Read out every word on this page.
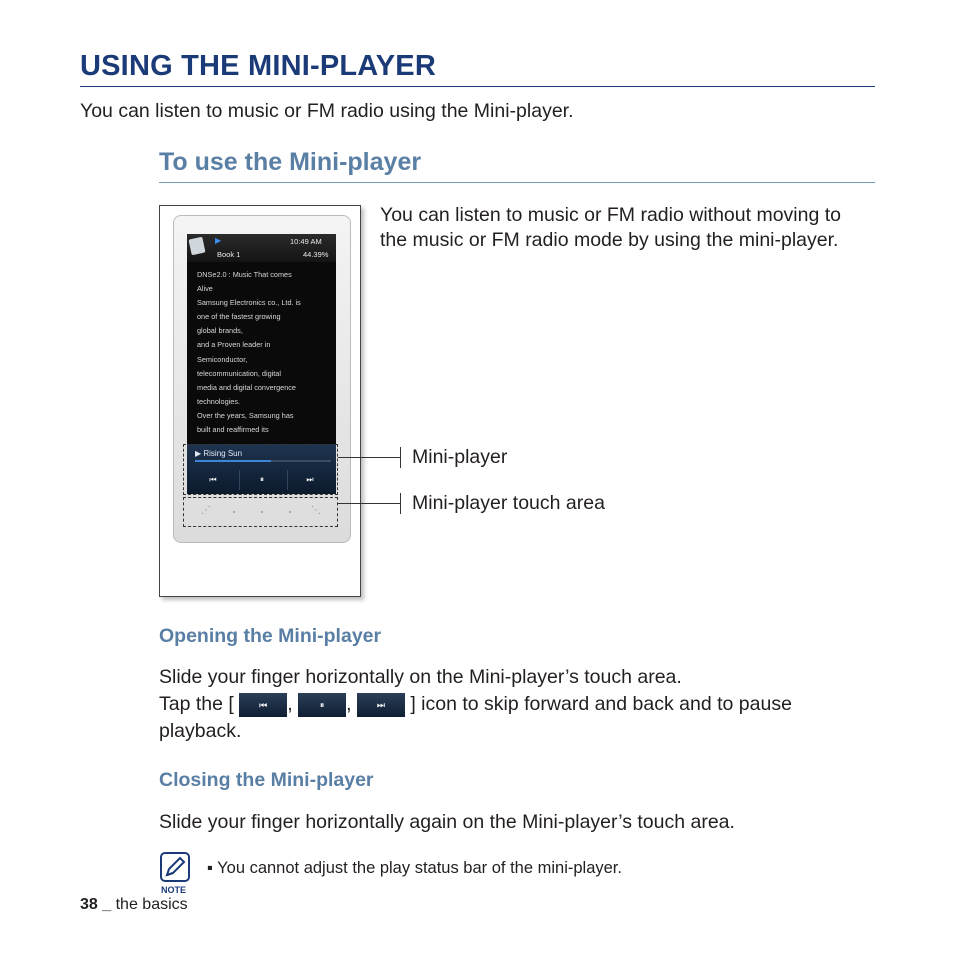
USING THE MINI-PLAYER
You can listen to music or FM radio using the Mini-player.
To use the Mini-player
▶
Book 1
10:49 AM
44.39%
DNSe2.0 : Music That comes
Alive
Samsung Electronics co., Ltd. is
one of the fastest growing
global brands,
and a Proven leader in
Semiconductor,
telecommunication, digital
media and digital convergence
technologies.
Over the years, Samsung has
built and reaffirmed its
▶ Rising Sun
⏮	⏸	⏭
⋰	⋱
Mini-player
Mini-player touch area
You can listen to music or FM radio without moving to the music or FM radio mode by using the mini-player.
Opening the Mini-player
Slide your finger horizontally on the Mini-player’s touch area.
Tap the [	⏮ ,	⏸ ,	⏭ ] icon to skip forward and back and to pause
playback.
Closing the Mini-player
Slide your finger horizontally again on the Mini-player’s touch area.
NOTE
▪ You cannot adjust the play status bar of the mini-player.
38 _ the basics
